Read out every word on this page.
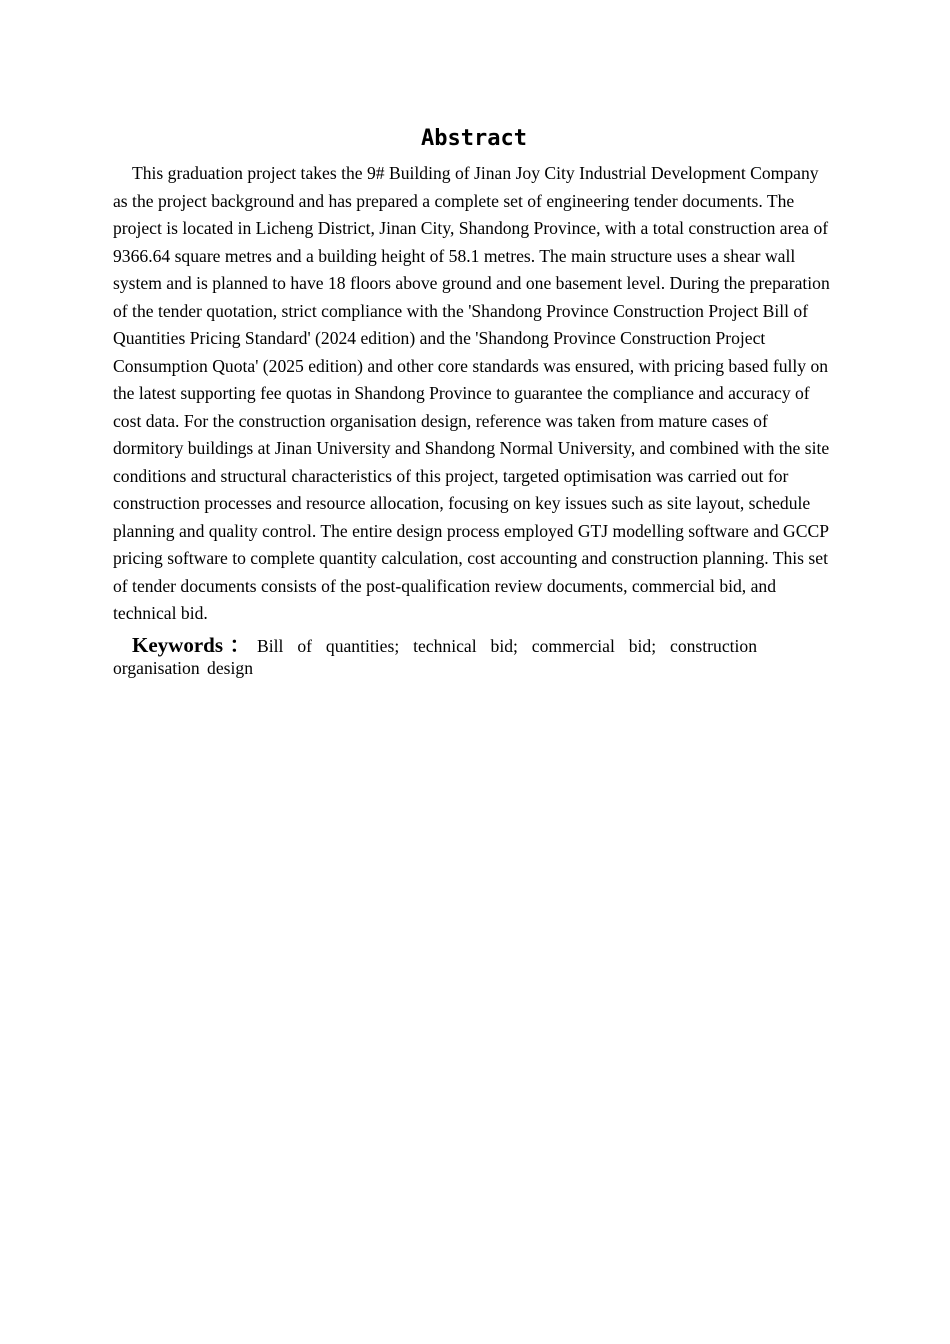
Abstract

This graduation project takes the 9# Building of Jinan Joy City Industrial Development Company as the project background and has prepared a complete set of engineering tender documents. The project is located in Licheng District, Jinan City, Shandong Province, with a total construction area of 9366.64 square metres and a building height of 58.1 metres. The main structure uses a shear wall system and is planned to have 18 floors above ground and one basement level. During the preparation of the tender quotation, strict compliance with the 'Shandong Province Construction Project Bill of Quantities Pricing Standard' (2024 edition) and the 'Shandong Province Construction Project Consumption Quota' (2025 edition) and other core standards was ensured, with pricing based fully on the latest supporting fee quotas in Shandong Province to guarantee the compliance and accuracy of cost data. For the construction organisation design, reference was taken from mature cases of dormitory buildings at Jinan University and Shandong Normal University, and combined with the site conditions and structural characteristics of this project, targeted optimisation was carried out for construction processes and resource allocation, focusing on key issues such as site layout, schedule planning and quality control. The entire design process employed GTJ modelling software and GCCP pricing software to complete quantity calculation, cost accounting and construction planning. This set of tender documents consists of the post-qualification review documents, commercial bid, and technical bid.

Keywords：Bill of quantities; technical bid; commercial bid; construction organisation design
